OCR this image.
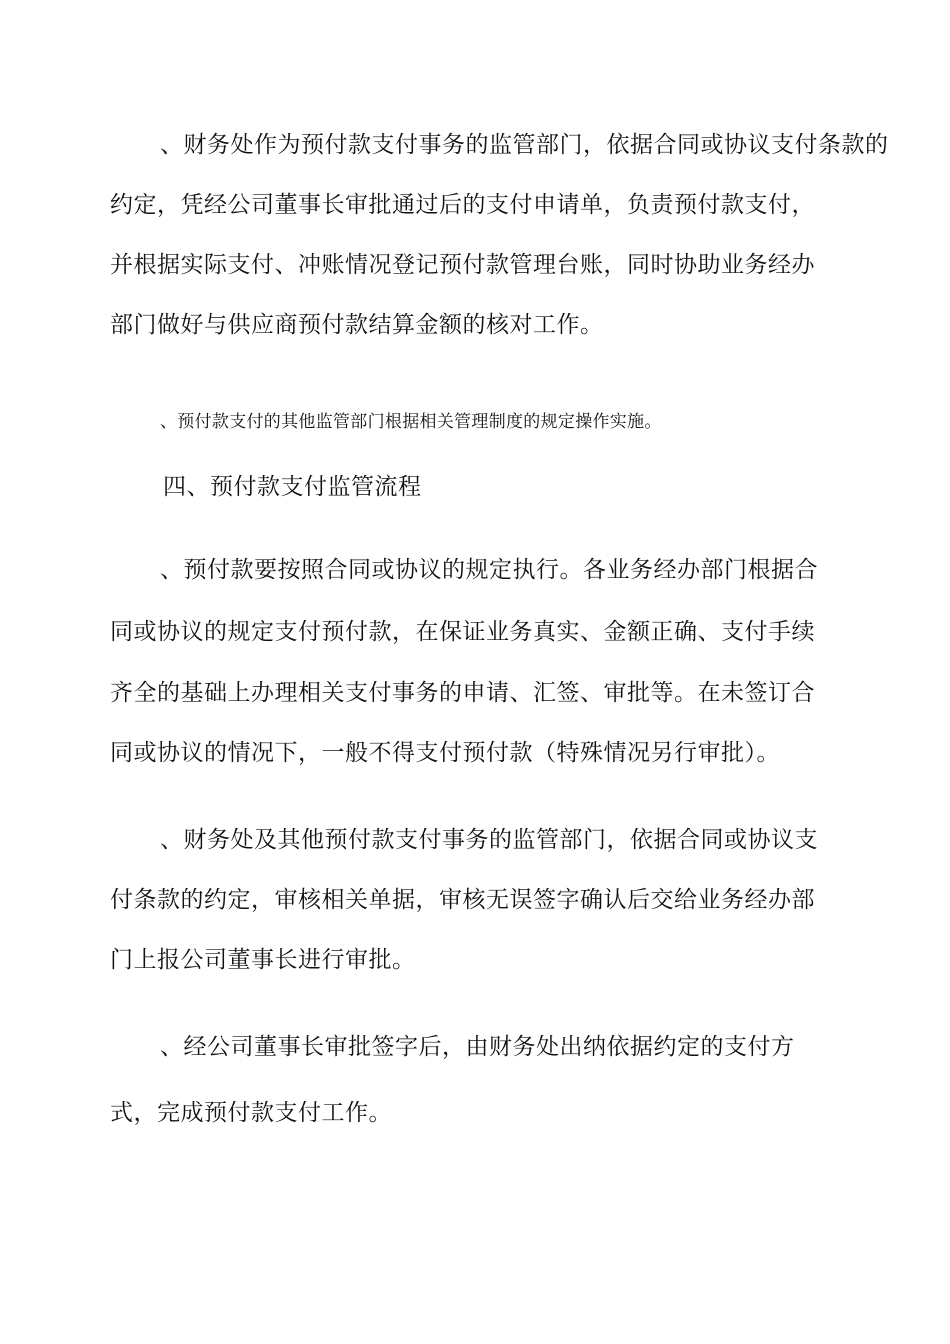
、财务处作为预付款支付事务的监管部门，依据合同或协议支付条款的
约定，凭经公司董事长审批通过后的支付申请单，负责预付款支付，
并根据实际支付、冲账情况登记预付款管理台账，同时协助业务经办
部门做好与供应商预付款结算金额的核对工作。
、预付款支付的其他监管部门根据相关管理制度的规定操作实施。
四、预付款支付监管流程
、预付款要按照合同或协议的规定执行。各业务经办部门根据合
同或协议的规定支付预付款，在保证业务真实、金额正确、支付手续
齐全的基础上办理相关支付事务的申请、汇签、审批等。在未签订合
同或协议的情况下，一般不得支付预付款（特殊情况另行审批）。
、财务处及其他预付款支付事务的监管部门，依据合同或协议支
付条款的约定，审核相关单据，审核无误签字确认后交给业务经办部
门上报公司董事长进行审批。
、经公司董事长审批签字后，由财务处出纳依据约定的支付方
式，完成预付款支付工作。
